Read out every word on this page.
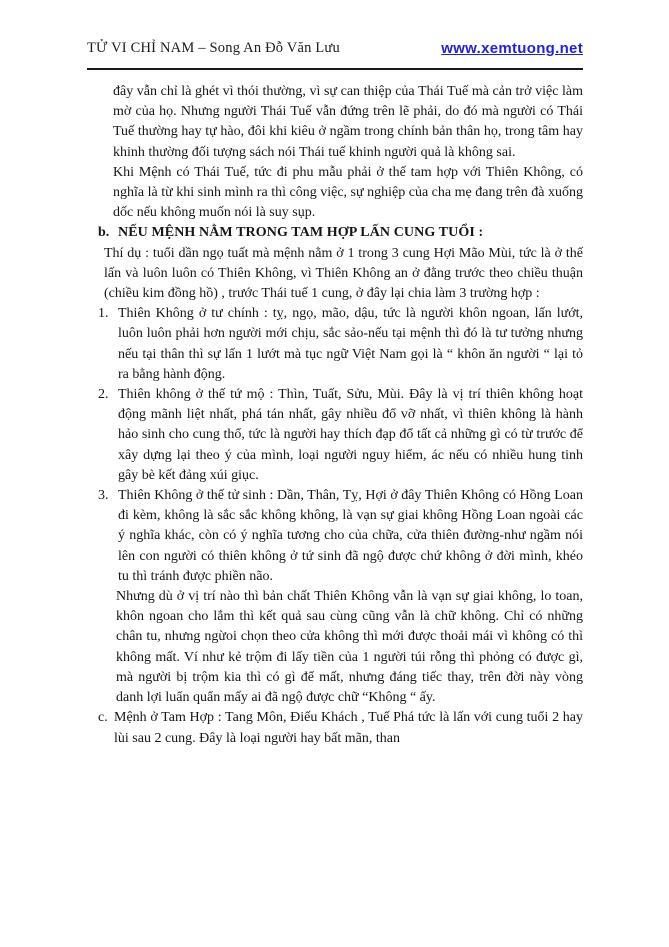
TỬ VI CHỈ NAM – Song An Đỗ Văn Lưu	www.xemtuong.net

đây vẫn chỉ là ghét vì thói thường, vì sự can thiệp của Thái Tuế mà cản trở việc làm mờ của họ. Nhưng người Thái Tuế vẫn đứng trên lẽ phải, do đó mà người có Thái Tuế thường hay tự hào, đôi khi kiêu ở ngầm trong chính bản thân họ, trong tâm hay khinh thường đối tượng sách nói Thái tuế khinh người quả là không sai.

Khi Mệnh có Thái Tuế, tức đi phu mẫu phải ở thế tam hợp với Thiên Không, có nghĩa là từ khi sinh mình ra thì công việc, sự nghiệp của cha mẹ đang trên đà xuống dốc nếu không muốn nói là suy sụp.

b. NẾU MỆNH NẰM TRONG TAM HỢP LẤN CUNG TUỔI :

Thí dụ : tuổi dần ngọ tuất mà mệnh nằm ở 1 trong 3 cung Hợi Mão Mùi, tức là ở thế lấn và luôn luôn có Thiên Không, vì Thiên Không an ở đằng trước theo chiều thuận (chiều kim đồng hồ) , trước Thái tuế 1 cung, ở đây lại chia làm 3 trường hợp :

1. Thiên Không ở tư chính : tỵ, ngọ, mão, dậu, tức là người khôn ngoan, lấn lướt, luôn luôn phải hơn người mới chịu, sắc sảo-nếu tại mệnh thì đó là tư tưởng nhưng nếu tại thân thì sự lấn 1 lướt mà tục ngữ Việt Nam gọi là “ khôn ăn người “ lại tỏ ra bằng hành động.
2. Thiên không ở thế tứ mộ : Thìn, Tuất, Sửu, Mùi. Đây là vị trí thiên không hoạt động mãnh liệt nhất, phá tán nhất, gây nhiều đổ vỡ nhất, vì thiên không là hành hảo sinh cho cung thổ, tức là người hay thích đạp đổ tất cả những gì có từ trước để xây dựng lại theo ý của mình, loại người nguy hiểm, ác nếu có nhiều hung tinh gây bè kết đảng xúi giục.
3. Thiên Không ở thế tử sinh : Dần, Thân, Tỵ, Hợi ở đây Thiên Không có Hồng Loan đi kèm, không là sắc sắc không không, là vạn sự giai không Hồng Loan ngoài các ý nghĩa khác, còn có ý nghĩa tương cho của chữa, cửa thiên đường-như ngầm nói lên con người có thiên không ở tứ sinh đã ngộ được chứ không ở đời mình, khéo tu thì tránh được phiền não.

Nhưng dù ở vị trí nào thì bản chất Thiên Không vẫn là vạn sự giai không, lo toan, khôn ngoan cho lắm thì kết quả sau cùng cũng vẫn là chữ không. Chỉ có những chân tu, nhưng ngừoi chọn theo cửa không thì mới được thoải mái vì không có thì không mất. Ví như kẻ trộm đi lấy tiền của 1 người túi rỗng thì phỏng có được gì, mà người bị trộm kia thì có gì để mất, nhưng đáng tiếc thay, trên đời này vòng danh lợi luẩn quẩn mấy ai đã ngộ được chữ “Không “ ấy.

c. Mệnh ở Tam Hợp : Tang Môn, Điếu Khách , Tuế Phá tức là lấn với cung tuổi 2 hay lùi sau 2 cung. Đây là loại người hay bất mãn, than
